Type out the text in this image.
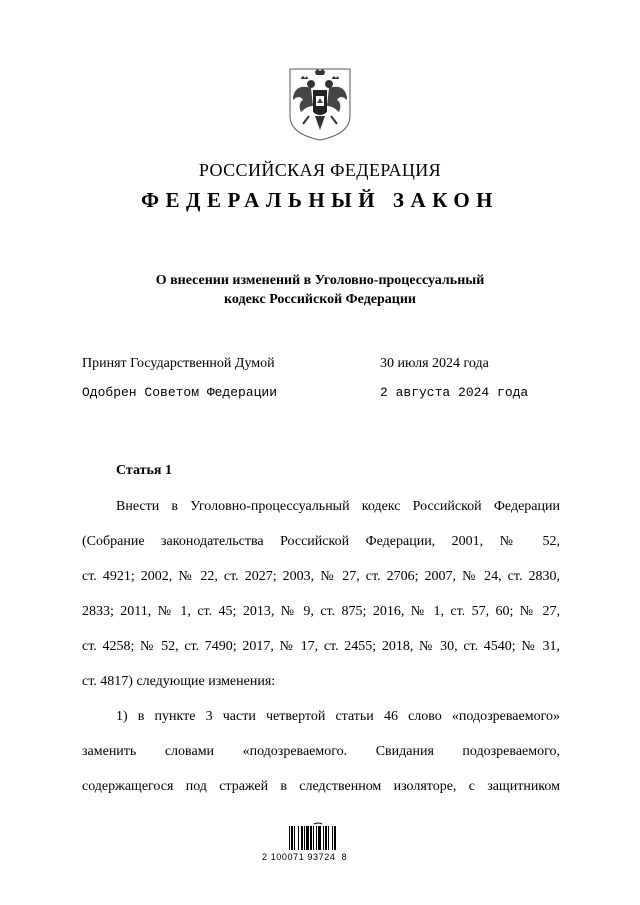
РОССИЙСКАЯ ФЕДЕРАЦИЯ
ФЕДЕРАЛЬНЫЙ ЗАКОН
О внесении изменений в Уголовно-процессуальный
кодекс Российской Федерации
Принят Государственной Думой	30 июля 2024 года
Одобрен Советом Федерации	2 августа 2024 года
Статья 1
Внести в Уголовно-процессуальный кодекс Российской Федерации
(Собрание законодательства Российской Федерации, 2001, № 52,
ст. 4921; 2002, № 22, ст. 2027; 2003, № 27, ст. 2706; 2007, № 24, ст. 2830,
2833; 2011, № 1, ст. 45; 2013, № 9, ст. 875; 2016, № 1, ст. 57, 60; № 27,
ст. 4258; № 52, ст. 7490; 2017, № 17, ст. 2455; 2018, № 30, ст. 4540; № 31,
ст. 4817) следующие изменения:
1) в пункте 3 части четвертой статьи 46 слово «подозреваемого»
заменить словами «подозреваемого. Свидания подозреваемого,
содержащегося под стражей в следственном изоляторе, с защитником
2 100071 93724  8
